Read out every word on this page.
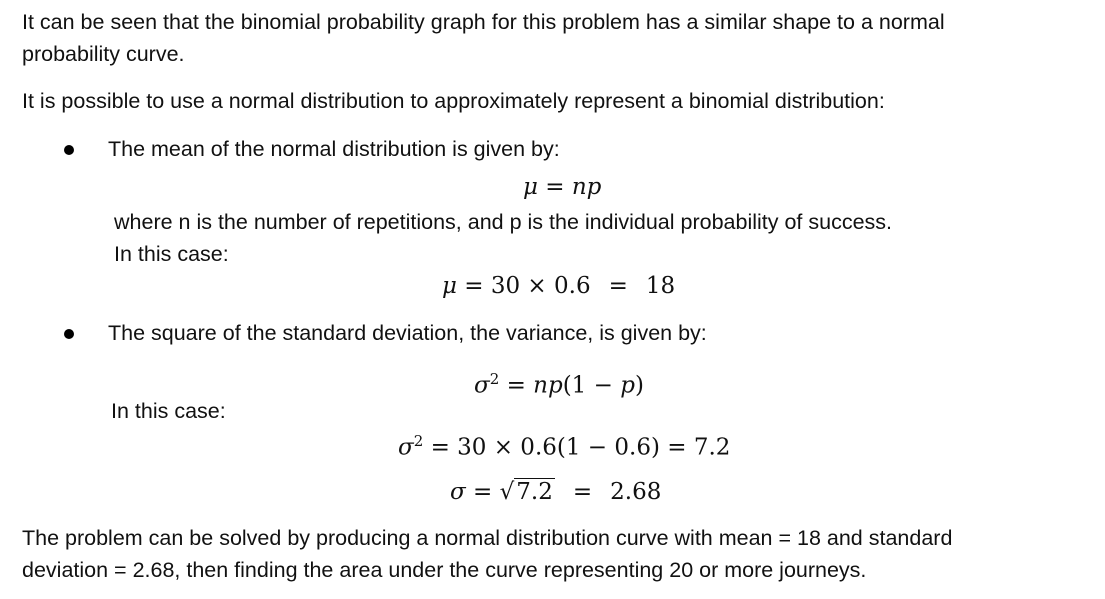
It can be seen that the binomial probability graph for this problem has a similar shape to a normal

probability curve.

It is possible to use a normal distribution to approximately represent a binomial distribution:

The mean of the normal distribution is given by:

μ = np

where n is the number of repetitions, and p is the individual probability of success.

In this case:

μ = 30 × 0.6 = 18

The square of the standard deviation, the variance, is given by:

$\sigma^2 = np(1 - p)$

In this case:

$\sigma^2 = 30 \times 0.6(1 - 0.6) = 7.2$

σ = √7.2 = 2.68

The problem can be solved by producing a normal distribution curve with mean = 18 and standard

deviation = 2.68, then finding the area under the curve representing 20 or more journeys.
